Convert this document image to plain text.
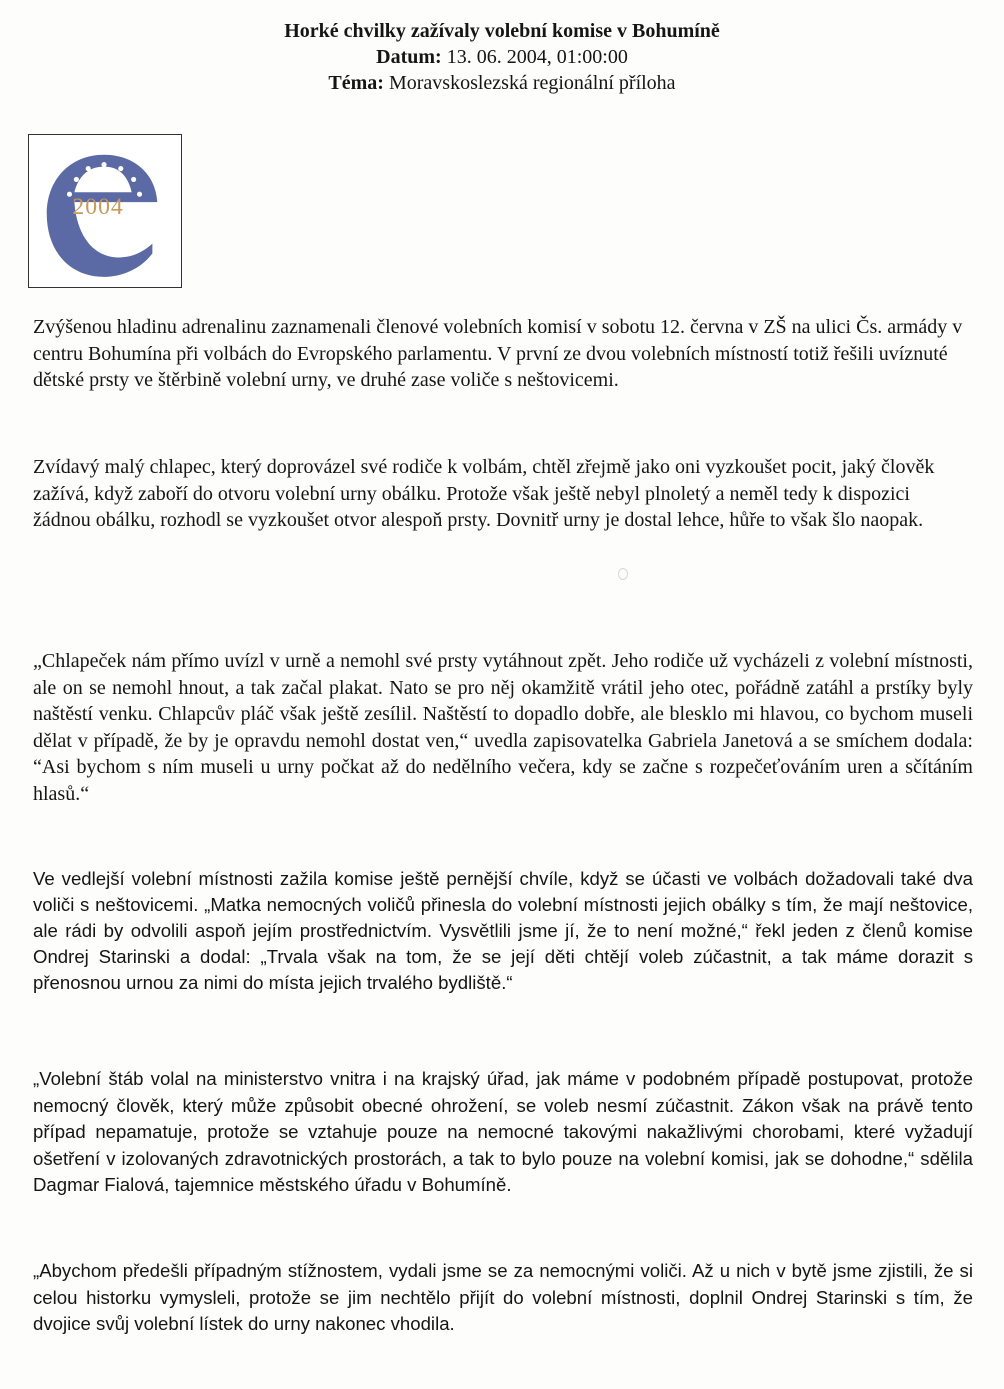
Horké chvilky zažívaly volební komise v Bohumíně
Datum: 13. 06. 2004, 01:00:00
Téma: Moravskoslezská regionální příloha
2004

Zvýšenou hladinu adrenalinu zaznamenali členové volebních komisí v sobotu 12. června v ZŠ na ulici Čs. armády v centru Bohumína při volbách do Evropského parlamentu. V první ze dvou volebních místností totiž řešili uvíznuté dětské prsty ve štěrbině volební urny, ve druhé zase voliče s neštovicemi.

Zvídavý malý chlapec, který doprovázel své rodiče k volbám, chtěl zřejmě jako oni vyzkoušet pocit, jaký člověk zažívá, když zaboří do otvoru volební urny obálku. Protože však ještě nebyl plnoletý a neměl tedy k dispozici žádnou obálku, rozhodl se vyzkoušet otvor alespoň prsty. Dovnitř urny je dostal lehce, hůře to však šlo naopak.

„Chlapeček nám přímo uvízl v urně a nemohl své prsty vytáhnout zpět. Jeho rodiče už vycházeli z volební místnosti, ale on se nemohl hnout, a tak začal plakat. Nato se pro něj okamžitě vrátil jeho otec, pořádně zatáhl a prstíky byly naštěstí venku. Chlapcův pláč však ještě zesílil. Naštěstí to dopadlo dobře, ale blesklo mi hlavou, co bychom museli dělat v případě, že by je opravdu nemohl dostat ven,“ uvedla zapisovatelka Gabriela Janetová a se smíchem dodala: “Asi bychom s ním museli u urny počkat až do nedělního večera, kdy se začne s rozpečeťováním uren a sčítáním hlasů.“

Ve vedlejší volební místnosti zažila komise ještě pernější chvíle, když se účasti ve volbách dožadovali také dva voliči s neštovicemi. „Matka nemocných voličů přinesla do volební místnosti jejich obálky s tím, že mají neštovice, ale rádi by odvolili aspoň jejím prostřednictvím. Vysvětlili jsme jí, že to není možné,“ řekl jeden z členů komise Ondrej Starinski a dodal: „Trvala však na tom, že se její děti chtějí voleb zúčastnit, a tak máme dorazit s přenosnou urnou za nimi do místa jejich trvalého bydliště.“

„Volební štáb volal na ministerstvo vnitra i na krajský úřad, jak máme v podobném případě postupovat, protože nemocný člověk, který může způsobit obecné ohrožení, se voleb nesmí zúčastnit. Zákon však na právě tento případ nepamatuje, protože se vztahuje pouze na nemocné takovými nakažlivými chorobami, které vyžadují ošetření v izolovaných zdravotnických prostorách, a tak to bylo pouze na volební komisi, jak se dohodne,“ sdělila Dagmar Fialová, tajemnice městského úřadu v Bohumíně.

„Abychom předešli případným stížnostem, vydali jsme se za nemocnými voliči. Až u nich v bytě jsme zjistili, že si celou historku vymysleli, protože se jim nechtělo přijít do volební místnosti, doplnil Ondrej Starinski s tím, že dvojice svůj volební lístek do urny nakonec vhodila.
